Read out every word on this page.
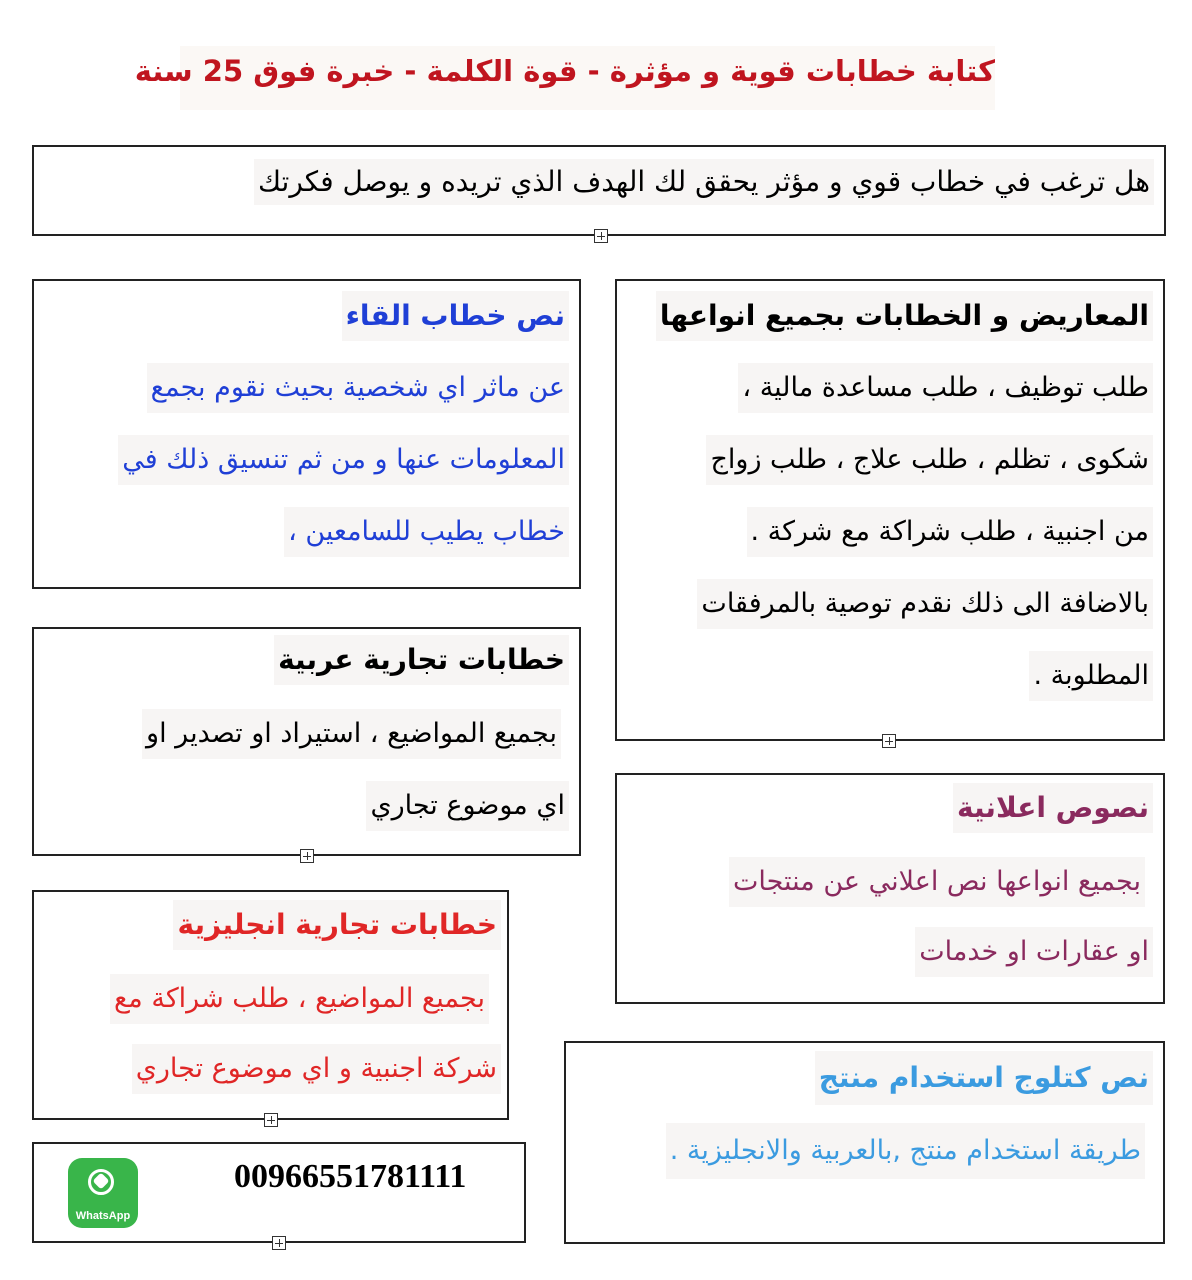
كتابة خطابات قوية و مؤثرة - قوة الكلمة - خبرة فوق 25 سنة
هل ترغب في خطاب قوي و مؤثر يحقق لك الهدف الذي تريده و يوصل فكرتك
المعاريض و الخطابات بجميع انواعها
طلب توظيف ، طلب مساعدة مالية ،
شكوى ، تظلم ، طلب علاج ، طلب زواج
من اجنبية ، طلب شراكة مع شركة .
بالاضافة الى ذلك نقدم توصية بالمرفقات
المطلوبة .
نص خطاب القاء
عن ماثر اي شخصية بحيث نقوم بجمع
المعلومات عنها و من ثم تنسيق ذلك في
خطاب يطيب للسامعين ،
خطابات تجارية عربية
بجميع المواضيع ، استيراد او تصدير او
اي موضوع تجاري	نصوص اعلانية
بجميع انواعها نص اعلاني عن منتجات
او عقارات او خدمات
خطابات تجارية انجليزية
بجميع المواضيع ، طلب شراكة مع
شركة اجنبية و اي موضوع تجاري	نص كتلوج استخدام منتج
طريقة استخدام منتج ,بالعربية والانجليزية .
WhatsApp
00966551781111
